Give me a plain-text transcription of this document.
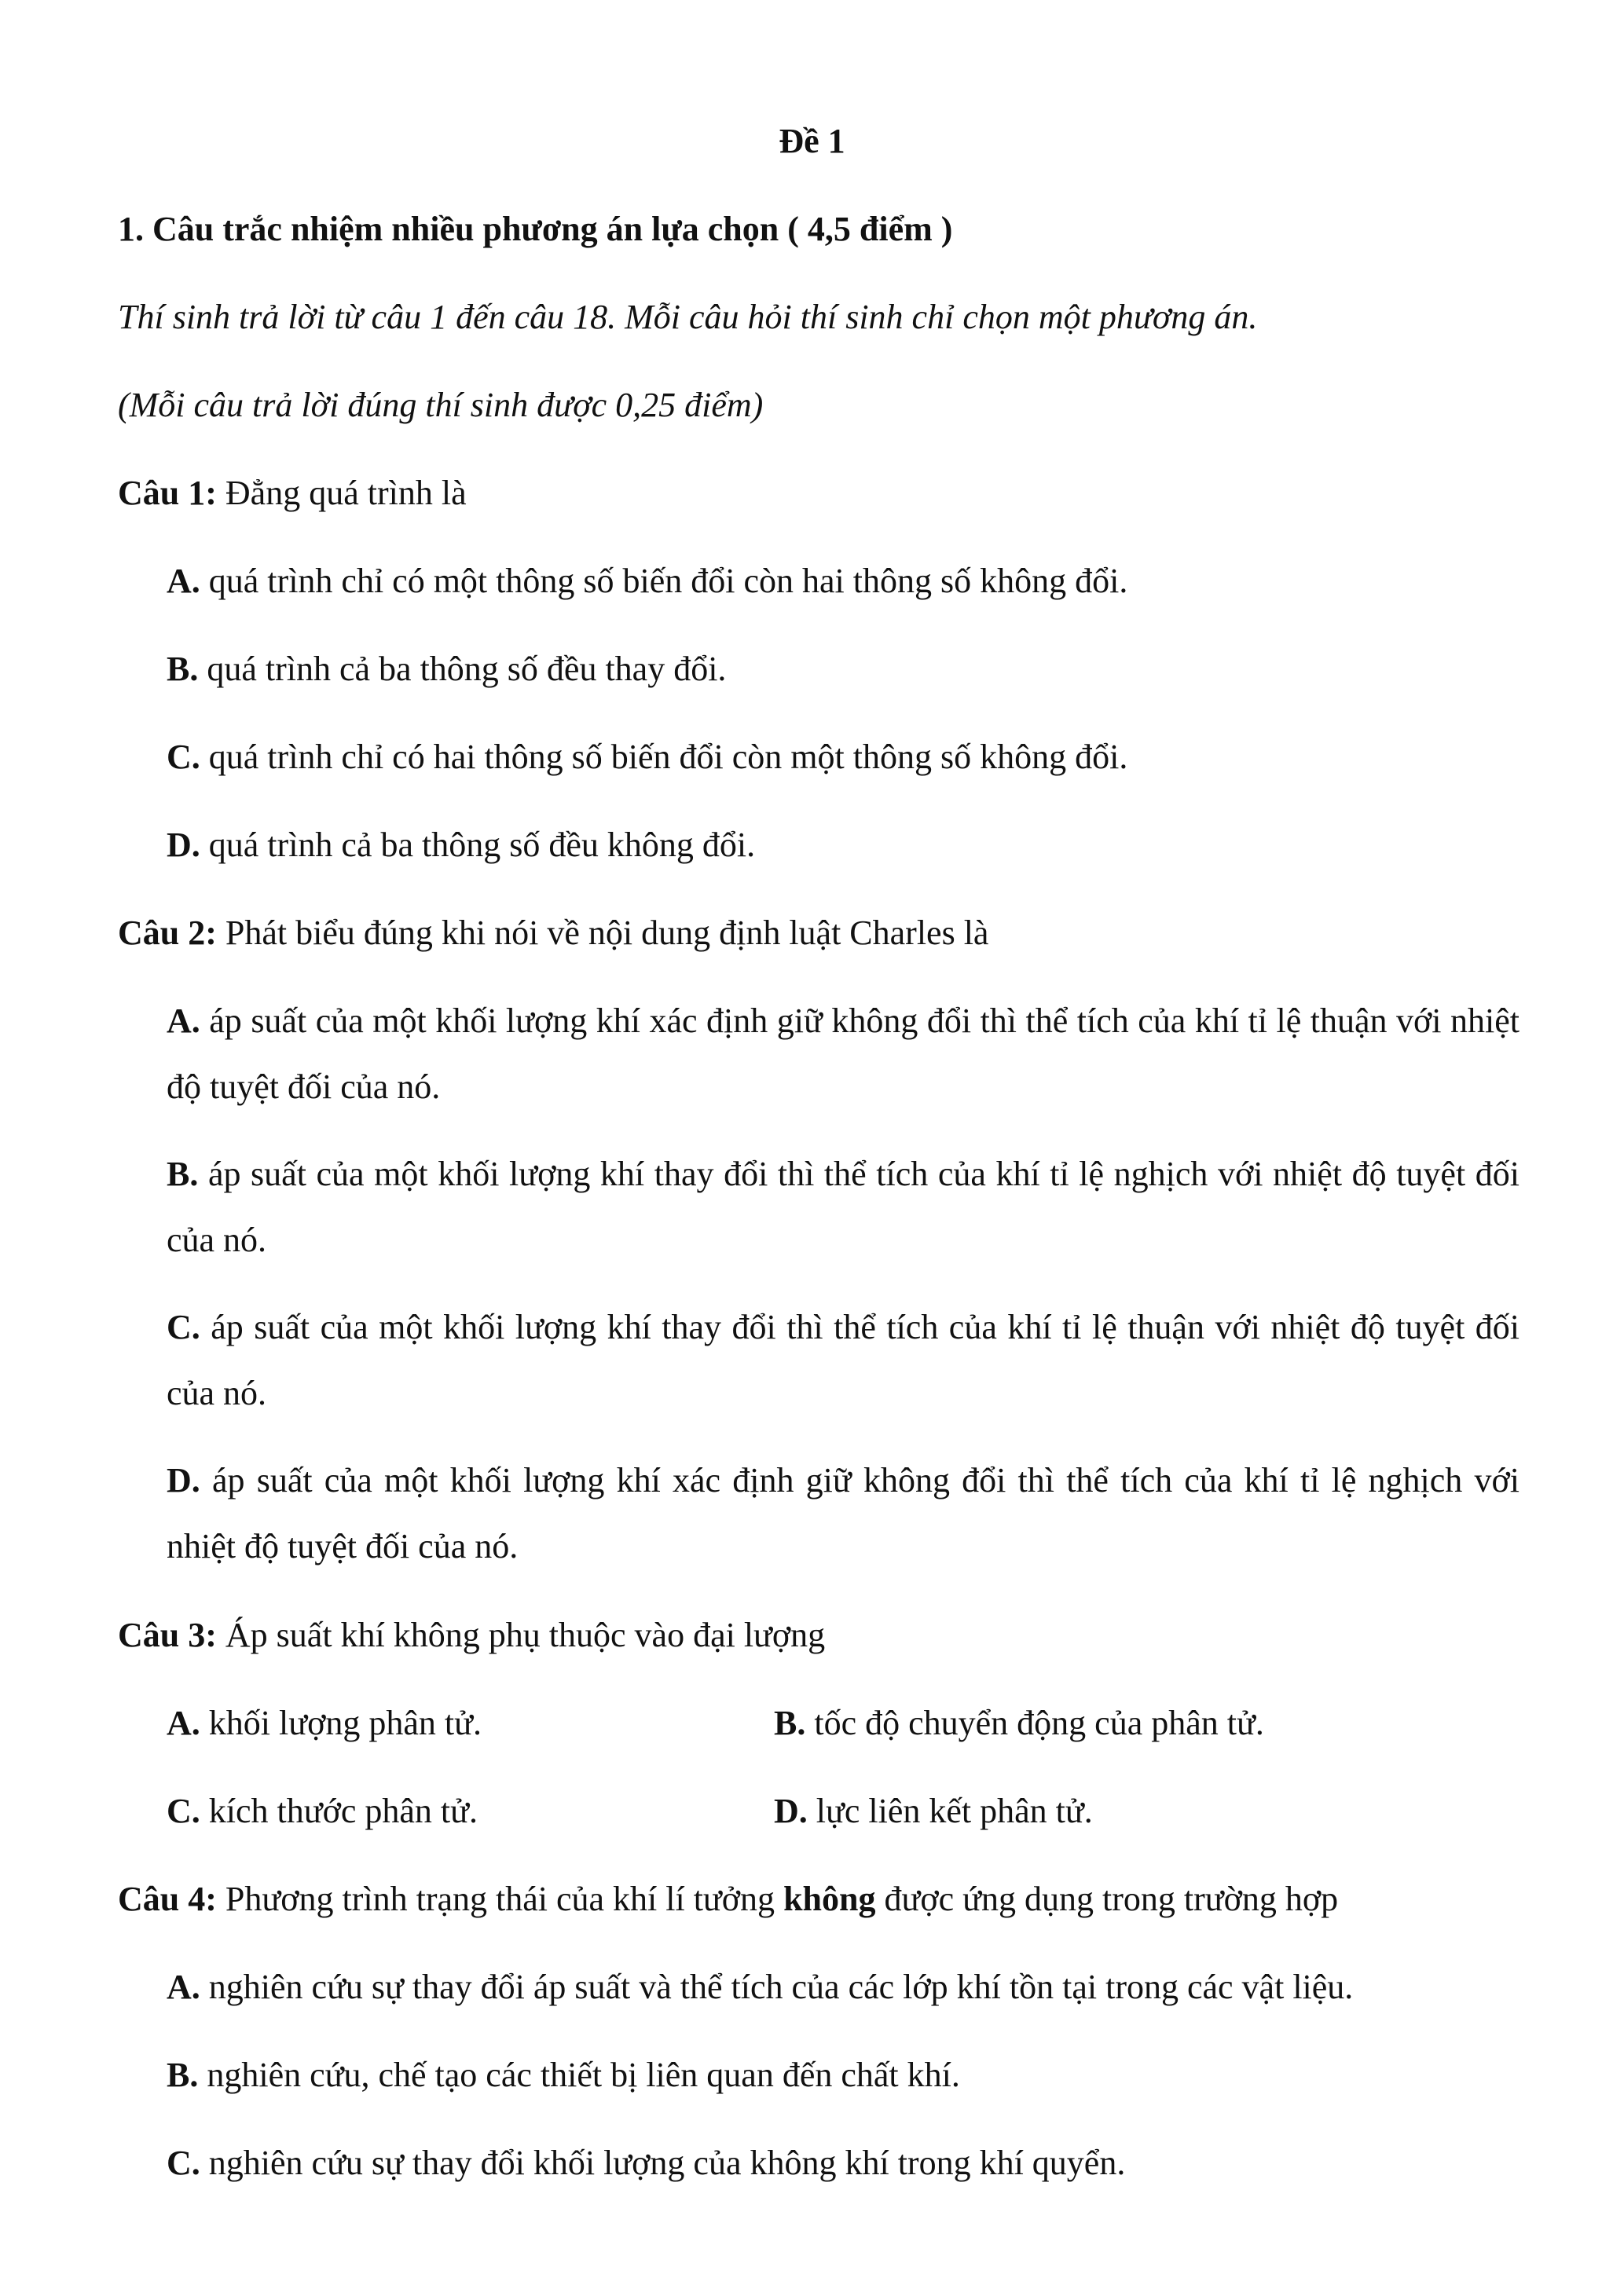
Đề 1
1. Câu trắc nhiệm nhiều phương án lựa chọn ( 4,5 điểm )
Thí sinh trả lời từ câu 1 đến câu 18. Mỗi câu hỏi thí sinh chỉ chọn một phương án.
(Mỗi câu trả lời đúng thí sinh được 0,25 điểm)
Câu 1: Đẳng quá trình là
A. quá trình chỉ có một thông số biến đổi còn hai thông số không đổi.
B. quá trình cả ba thông số đều thay đổi.
C. quá trình chỉ có hai thông số biến đổi còn một thông số không đổi.
D. quá trình cả ba thông số đều không đổi.
Câu 2: Phát biểu đúng khi nói về nội dung định luật Charles là
A. áp suất của một khối lượng khí xác định giữ không đổi thì thể tích của khí tỉ lệ thuận với nhiệt độ tuyệt đối của nó.
B. áp suất của một khối lượng khí thay đổi thì thể tích của khí tỉ lệ nghịch với nhiệt độ tuyệt đối của nó.
C. áp suất của một khối lượng khí thay đổi thì thể tích của khí tỉ lệ thuận với nhiệt độ tuyệt đối của nó.
D. áp suất của một khối lượng khí xác định giữ không đổi thì thể tích của khí tỉ lệ nghịch với nhiệt độ tuyệt đối của nó.
Câu 3: Áp suất khí không phụ thuộc vào đại lượng
A. khối lượng phân tử.	B. tốc độ chuyển động của phân tử.
C. kích thước phân tử.	D. lực liên kết phân tử.
Câu 4: Phương trình trạng thái của khí lí tưởng không được ứng dụng trong trường hợp
A. nghiên cứu sự thay đổi áp suất và thể tích của các lớp khí tồn tại trong các vật liệu.
B. nghiên cứu, chế tạo các thiết bị liên quan đến chất khí.
C. nghiên cứu sự thay đổi khối lượng của không khí trong khí quyển.
